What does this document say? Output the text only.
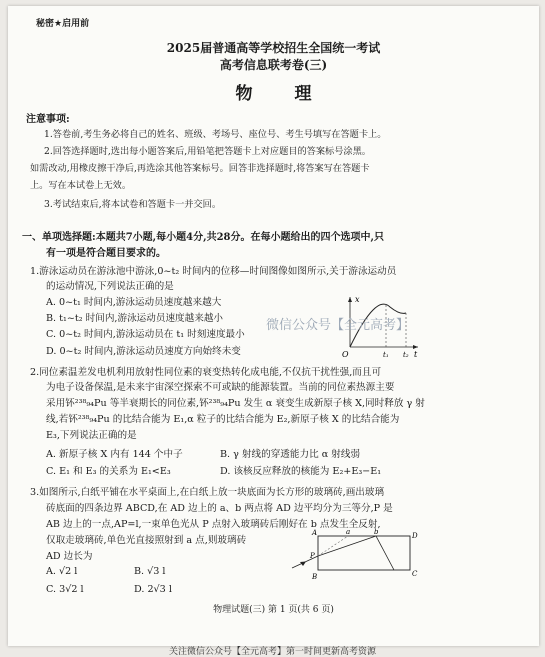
秘密★启用前
2025届普通高等学校招生全国统一考试
高考信息联考卷(三)
物 理
注意事项:
1.答卷前,考生务必将自己的姓名、班级、考场号、座位号、考生号填写在答题卡上。
2.回答选择题时,选出每小题答案后,用铅笔把答题卡上对应题目的答案标号涂黑。
如需改动,用橡皮擦干净后,再选涂其他答案标号。回答非选择题时,将答案写在答题卡
上。写在本试卷上无效。
3.考试结束后,将本试卷和答题卡一并交回。
一、单项选择题:本题共7小题,每小题4分,共28分。在每小题给出的四个选项中,只
有一项是符合题目要求的。
1.游泳运动员在游泳池中游泳,0~t₂ 时间内的位移—时间图像如图所示,关于游泳运动员
的运动情况,下列说法正确的是
A. 0~t₁ 时间内,游泳运动员速度越来越大
B. t₁~t₂ 时间内,游泳运动员速度越来越小
C. 0~t₂ 时间内,游泳运动员在 t₁ 时刻速度最小
D. 0~t₂ 时间内,游泳运动员速度方向始终未变
x
t
O	t₁ t₂
微信公众号【全元高考】
2.同位素温差发电机利用放射性同位素的衰变热转化成电能,不仅抗干扰性强,而且可
为电子设备保温,是未来宇宙深空探索不可或缺的能源装置。当前的同位素热源主要
采用钚²³⁸₉₄Pu 等半衰期长的同位素,钚²³⁸₉₄Pu 发生 α 衰变生成新原子核 X,同时释放 γ 射
线,若钚²³⁸₉₄Pu 的比结合能为 E₁,α 粒子的比结合能为 E₂,新原子核 X 的比结合能为
E₃,下列说法正确的是
A. 新原子核 X 内有 144 个中子	B. γ 射线的穿透能力比 α 射线弱
C. E₁ 和 E₃ 的关系为 E₁<E₃	D. 该核反应释放的核能为 E₂+E₃−E₁
3.如图所示,白纸平铺在水平桌面上,在白纸上放一块底面为长方形的玻璃砖,画出玻璃
砖底面的四条边界 ABCD,在 AD 边上的 a、b 两点将 AD 边平均分为三等分,P 是
AB 边上的一点,AP=l,一束单色光从 P 点射入玻璃砖后刚好在 b 点发生全反射,
仅取走玻璃砖,单色光直接照射到 a 点,则玻璃砖
AD 边长为
A. √2 l	B. √3 l
C. 3√2 l	D. 2√3 l
A	a	b	D
P
B	C
物理试题(三) 第 1 页(共 6 页)
关注微信公众号【全元高考】第一时间更新高考资源
